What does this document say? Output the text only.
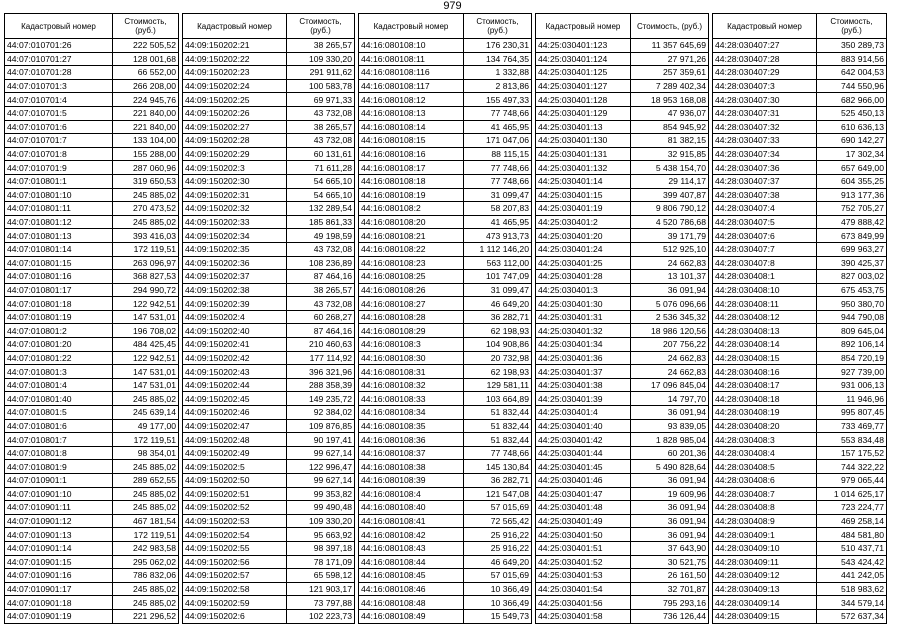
979
Кадастровый номер	Стоимость, (руб.)
44:07:010701:26	222 505,52
44:07:010701:27	128 001,68
44:07:010701:28	66 552,00
44:07:010701:3	266 208,00
44:07:010701:4	224 945,76
44:07:010701:5	221 840,00
44:07:010701:6	221 840,00
44:07:010701:7	133 104,00
44:07:010701:8	155 288,00
44:07:010701:9	287 060,96
44:07:010801:1	319 650,53
44:07:010801:10	245 885,02
44:07:010801:11	270 473,52
44:07:010801:12	245 885,02
44:07:010801:13	393 416,03
44:07:010801:14	172 119,51
44:07:010801:15	263 096,97
44:07:010801:16	368 827,53
44:07:010801:17	294 990,72
44:07:010801:18	122 942,51
44:07:010801:19	147 531,01
44:07:010801:2	196 708,02
44:07:010801:20	484 425,45
44:07:010801:22	122 942,51
44:07:010801:3	147 531,01
44:07:010801:4	147 531,01
44:07:010801:40	245 885,02
44:07:010801:5	245 639,14
44:07:010801:6	49 177,00
44:07:010801:7	172 119,51
44:07:010801:8	98 354,01
44:07:010801:9	245 885,02
44:07:010901:1	289 652,55
44:07:010901:10	245 885,02
44:07:010901:11	245 885,02
44:07:010901:12	467 181,54
44:07:010901:13	172 119,51
44:07:010901:14	242 983,58
44:07:010901:15	295 062,02
44:07:010901:16	786 832,06
44:07:010901:17	245 885,02
44:07:010901:18	245 885,02
44:07:010901:19	221 296,52
Кадастровый номер	Стоимость, (руб.)
44:09:150202:21	38 265,57
44:09:150202:22	109 330,20
44:09:150202:23	291 911,62
44:09:150202:24	100 583,78
44:09:150202:25	69 971,33
44:09:150202:26	43 732,08
44:09:150202:27	38 265,57
44:09:150202:28	43 732,08
44:09:150202:29	60 131,61
44:09:150202:3	71 611,28
44:09:150202:30	54 665,10
44:09:150202:31	54 665,10
44:09:150202:32	132 289,54
44:09:150202:33	185 861,33
44:09:150202:34	49 198,59
44:09:150202:35	43 732,08
44:09:150202:36	108 236,89
44:09:150202:37	87 464,16
44:09:150202:38	38 265,57
44:09:150202:39	43 732,08
44:09:150202:4	60 268,27
44:09:150202:40	87 464,16
44:09:150202:41	210 460,63
44:09:150202:42	177 114,92
44:09:150202:43	396 321,96
44:09:150202:44	288 358,39
44:09:150202:45	149 235,72
44:09:150202:46	92 384,02
44:09:150202:47	109 876,85
44:09:150202:48	90 197,41
44:09:150202:49	99 627,14
44:09:150202:5	122 996,47
44:09:150202:50	99 627,14
44:09:150202:51	99 353,82
44:09:150202:52	99 490,48
44:09:150202:53	109 330,20
44:09:150202:54	95 663,92
44:09:150202:55	98 397,18
44:09:150202:56	78 171,09
44:09:150202:57	65 598,12
44:09:150202:58	121 903,17
44:09:150202:59	73 797,88
44:09:150202:6	102 223,73
Кадастровый номер	Стоимость, (руб.)
44:16:080108:10	176 230,31
44:16:080108:11	134 764,35
44:16:080108:116	1 332,88
44:16:080108:117	2 813,86
44:16:080108:12	155 497,33
44:16:080108:13	77 748,66
44:16:080108:14	41 465,95
44:16:080108:15	171 047,06
44:16:080108:16	88 115,15
44:16:080108:17	77 748,66
44:16:080108:18	77 748,66
44:16:080108:19	31 099,47
44:16:080108:2	58 207,83
44:16:080108:20	41 465,95
44:16:080108:21	473 913,73
44:16:080108:22	1 112 146,20
44:16:080108:23	563 112,00
44:16:080108:25	101 747,09
44:16:080108:26	31 099,47
44:16:080108:27	46 649,20
44:16:080108:28	36 282,71
44:16:080108:29	62 198,93
44:16:080108:3	104 908,86
44:16:080108:30	20 732,98
44:16:080108:31	62 198,93
44:16:080108:32	129 581,11
44:16:080108:33	103 664,89
44:16:080108:34	51 832,44
44:16:080108:35	51 832,44
44:16:080108:36	51 832,44
44:16:080108:37	77 748,66
44:16:080108:38	145 130,84
44:16:080108:39	36 282,71
44:16:080108:4	121 547,08
44:16:080108:40	57 015,69
44:16:080108:41	72 565,42
44:16:080108:42	25 916,22
44:16:080108:43	25 916,22
44:16:080108:44	46 649,20
44:16:080108:45	57 015,69
44:16:080108:46	10 366,49
44:16:080108:48	10 366,49
44:16:080108:49	15 549,73
Кадастровый номер	Стоимость, (руб.)
44:25:030401:123	11 357 645,69
44:25:030401:124	27 971,26
44:25:030401:125	257 359,61
44:25:030401:127	7 289 402,34
44:25:030401:128	18 953 168,08
44:25:030401:129	47 936,07
44:25:030401:13	854 945,92
44:25:030401:130	81 382,15
44:25:030401:131	32 915,85
44:25:030401:132	5 438 154,70
44:25:030401:14	29 114,17
44:25:030401:15	399 407,87
44:25:030401:19	9 806 790,12
44:25:030401:2	4 520 786,68
44:25:030401:20	39 171,79
44:25:030401:24	512 925,10
44:25:030401:25	24 662,83
44:25:030401:28	13 101,37
44:25:030401:3	36 091,94
44:25:030401:30	5 076 096,66
44:25:030401:31	2 536 345,32
44:25:030401:32	18 986 120,56
44:25:030401:34	207 756,22
44:25:030401:36	24 662,83
44:25:030401:37	24 662,83
44:25:030401:38	17 096 845,04
44:25:030401:39	14 797,70
44:25:030401:4	36 091,94
44:25:030401:40	93 839,05
44:25:030401:42	1 828 985,04
44:25:030401:44	60 201,36
44:25:030401:45	5 490 828,64
44:25:030401:46	36 091,94
44:25:030401:47	19 609,96
44:25:030401:48	36 091,94
44:25:030401:49	36 091,94
44:25:030401:50	36 091,94
44:25:030401:51	37 643,90
44:25:030401:52	30 521,75
44:25:030401:53	26 161,50
44:25:030401:54	32 701,87
44:25:030401:56	795 293,16
44:25:030401:58	736 126,44
Кадастровый номер	Стоимость, (руб.)
44:28:030407:27	350 289,73
44:28:030407:28	883 914,56
44:28:030407:29	642 004,53
44:28:030407:3	744 550,96
44:28:030407:30	682 966,00
44:28:030407:31	525 450,13
44:28:030407:32	610 636,13
44:28:030407:33	690 142,27
44:28:030407:34	17 302,34
44:28:030407:36	657 649,00
44:28:030407:37	604 355,25
44:28:030407:38	913 177,36
44:28:030407:4	752 705,27
44:28:030407:5	479 888,42
44:28:030407:6	673 849,99
44:28:030407:7	699 963,27
44:28:030407:8	390 425,37
44:28:030408:1	827 003,02
44:28:030408:10	675 453,75
44:28:030408:11	950 380,70
44:28:030408:12	944 790,08
44:28:030408:13	809 645,04
44:28:030408:14	892 106,14
44:28:030408:15	854 720,19
44:28:030408:16	927 739,00
44:28:030408:17	931 006,13
44:28:030408:18	11 946,96
44:28:030408:19	995 807,45
44:28:030408:20	733 469,77
44:28:030408:3	553 834,48
44:28:030408:4	157 175,52
44:28:030408:5	744 322,22
44:28:030408:6	979 065,44
44:28:030408:7	1 014 625,17
44:28:030408:8	723 224,77
44:28:030408:9	469 258,14
44:28:030409:1	484 581,80
44:28:030409:10	510 437,71
44:28:030409:11	543 424,42
44:28:030409:12	441 242,05
44:28:030409:13	518 983,62
44:28:030409:14	344 579,14
44:28:030409:15	572 637,34
